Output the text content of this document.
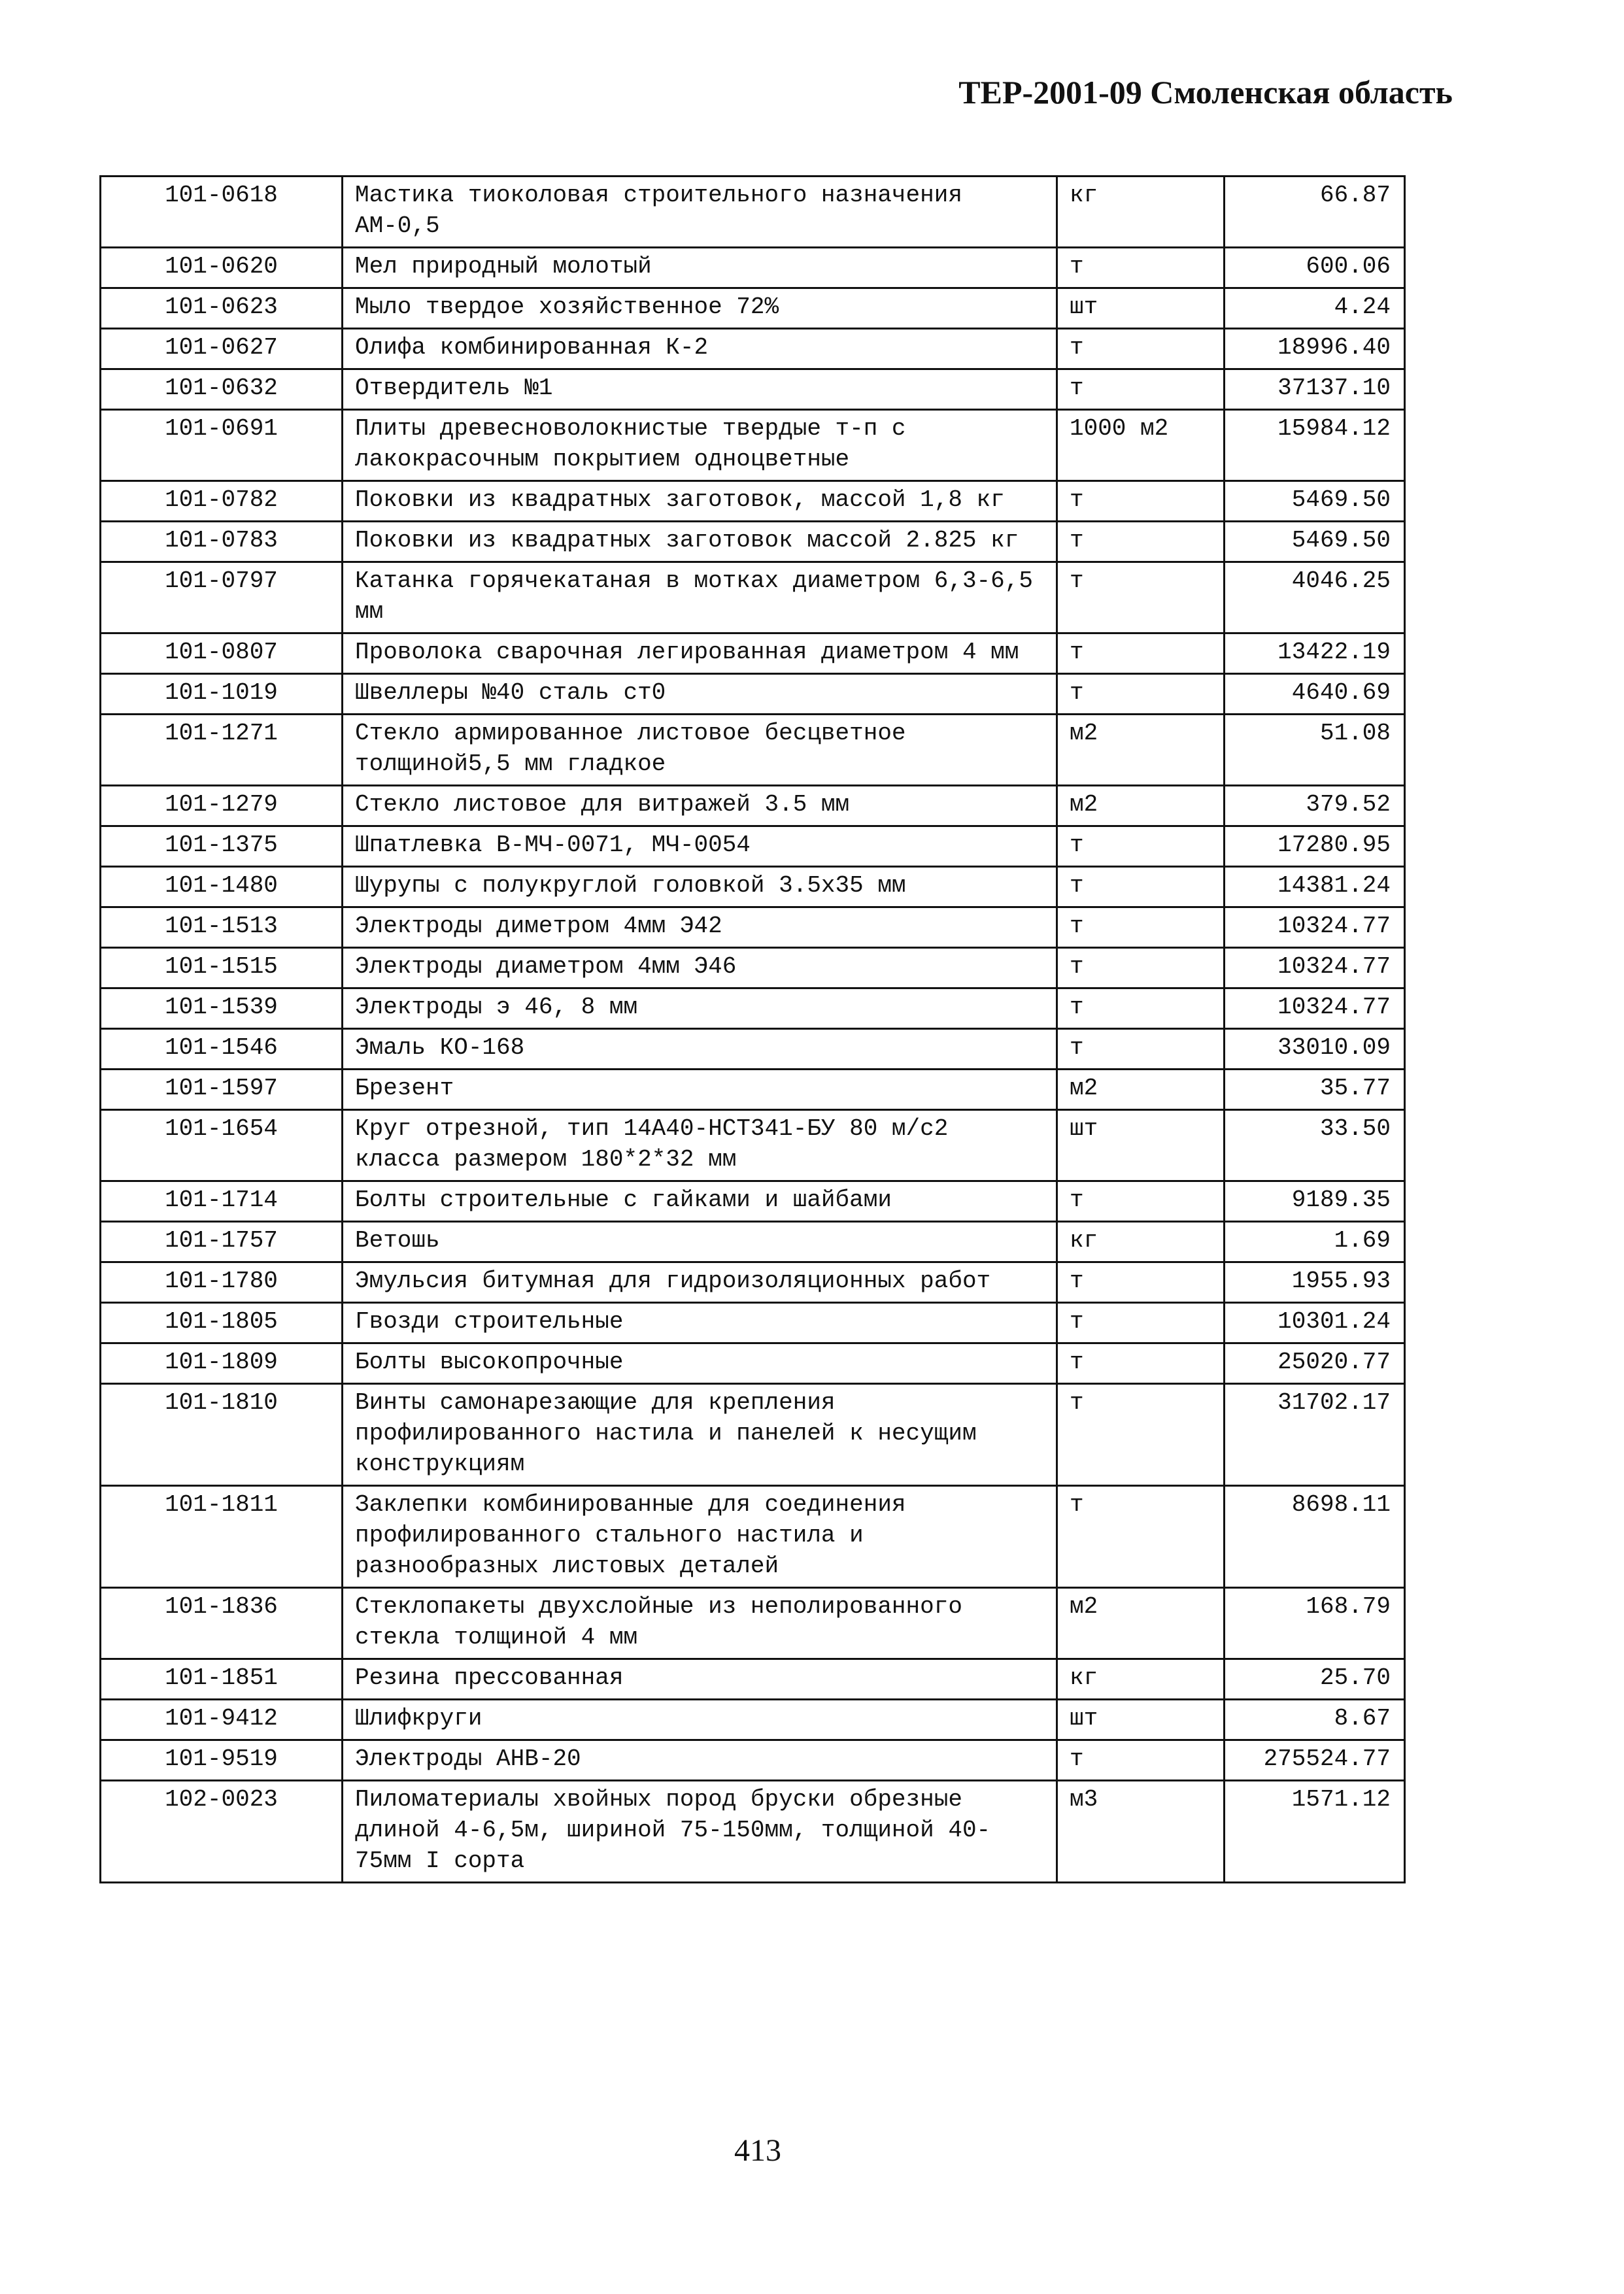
ТЕР-2001-09 Смоленская область
101-0618	Мастика тиоколовая строительного назначения АМ-0,5	кг	66.87
101-0620	Мел природный молотый	т	600.06
101-0623	Мыло твердое хозяйственное 72%	шт	4.24
101-0627	Олифа комбинированная К-2	т	18996.40
101-0632	Отвердитель №1	т	37137.10
101-0691	Плиты древесноволокнистые твердые т-п с лакокрасочным покрытием одноцветные	1000 м2	15984.12
101-0782	Поковки из квадратных заготовок, массой 1,8 кг	т	5469.50
101-0783	Поковки из квадратных заготовок массой 2.825 кг	т	5469.50
101-0797	Катанка горячекатаная в мотках диаметром 6,3-6,5 мм	т	4046.25
101-0807	Проволока сварочная легированная диаметром 4 мм	т	13422.19
101-1019	Швеллеры №40 сталь ст0	т	4640.69
101-1271	Стекло армированное листовое бесцветное толщиной5,5 мм гладкое	м2	51.08
101-1279	Стекло листовое для витражей 3.5 мм	м2	379.52
101-1375	Шпатлевка В-МЧ-0071, МЧ-0054	т	17280.95
101-1480	Шурупы с полукруглой головкой 3.5х35 мм	т	14381.24
101-1513	Электроды диметром 4мм Э42	т	10324.77
101-1515	Электроды диаметром 4мм Э46	т	10324.77
101-1539	Электроды э 46, 8 мм	т	10324.77
101-1546	Эмаль КО-168	т	33010.09
101-1597	Брезент	м2	35.77
101-1654	Круг отрезной, тип 14А40-НСТ341-БУ 80 м/с2 класса размером 180*2*32 мм	шт	33.50
101-1714	Болты строительные с гайками и шайбами	т	9189.35
101-1757	Ветошь	кг	1.69
101-1780	Эмульсия битумная для гидроизоляционных работ	т	1955.93
101-1805	Гвозди строительные	т	10301.24
101-1809	Болты высокопрочные	т	25020.77
101-1810	Винты самонарезающие для крепления профилированного настила и панелей к несущим конструкциям	т	31702.17
101-1811	Заклепки комбинированные для соединения профилированного стального настила и разнообразных листовых деталей	т	8698.11
101-1836	Стеклопакеты двухслойные из неполированного стекла толщиной 4 мм	м2	168.79
101-1851	Резина прессованная	кг	25.70
101-9412	Шлифкруги	шт	8.67
101-9519	Электроды АНВ-20	т	275524.77
102-0023	Пиломатериалы хвойных пород бруски обрезные длиной 4-6,5м, шириной 75-150мм, толщиной 40-75мм I сорта	м3	1571.12
413
